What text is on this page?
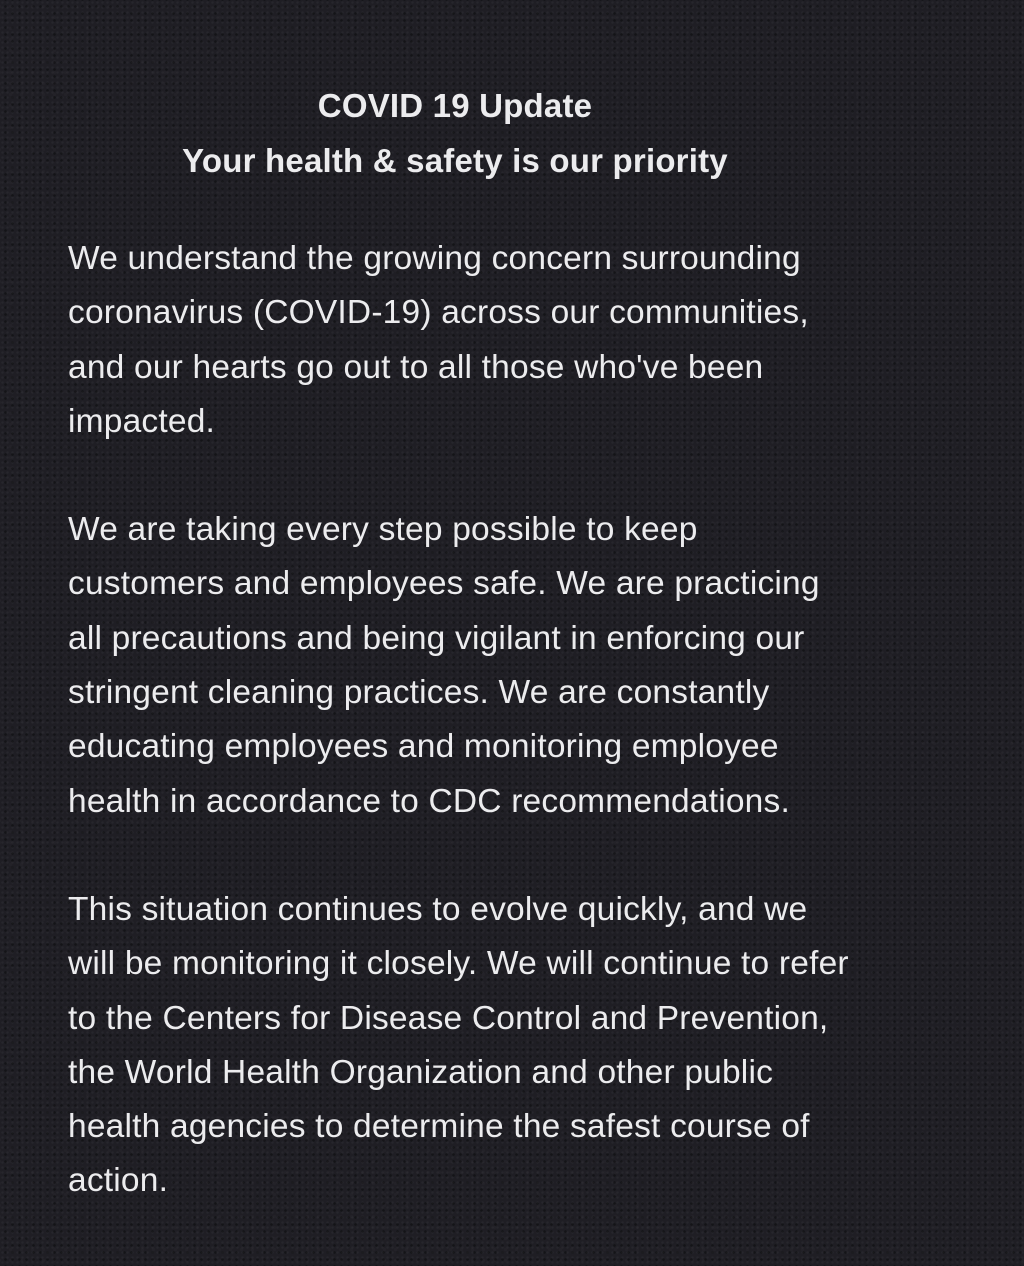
COVID 19 Update
Your health & safety is our priority

We understand the growing concern surrounding
coronavirus (COVID-19) across our communities,
and our hearts go out to all those who've been
impacted.

We are taking every step possible to keep
customers and employees safe. We are practicing
all precautions and being vigilant in enforcing our
stringent cleaning practices. We are constantly
educating employees and monitoring employee
health in accordance to CDC recommendations.

This situation continues to evolve quickly, and we
will be monitoring it closely. We will continue to refer
to the Centers for Disease Control and Prevention,
the World Health Organization and other public
health agencies to determine the safest course of
action.
